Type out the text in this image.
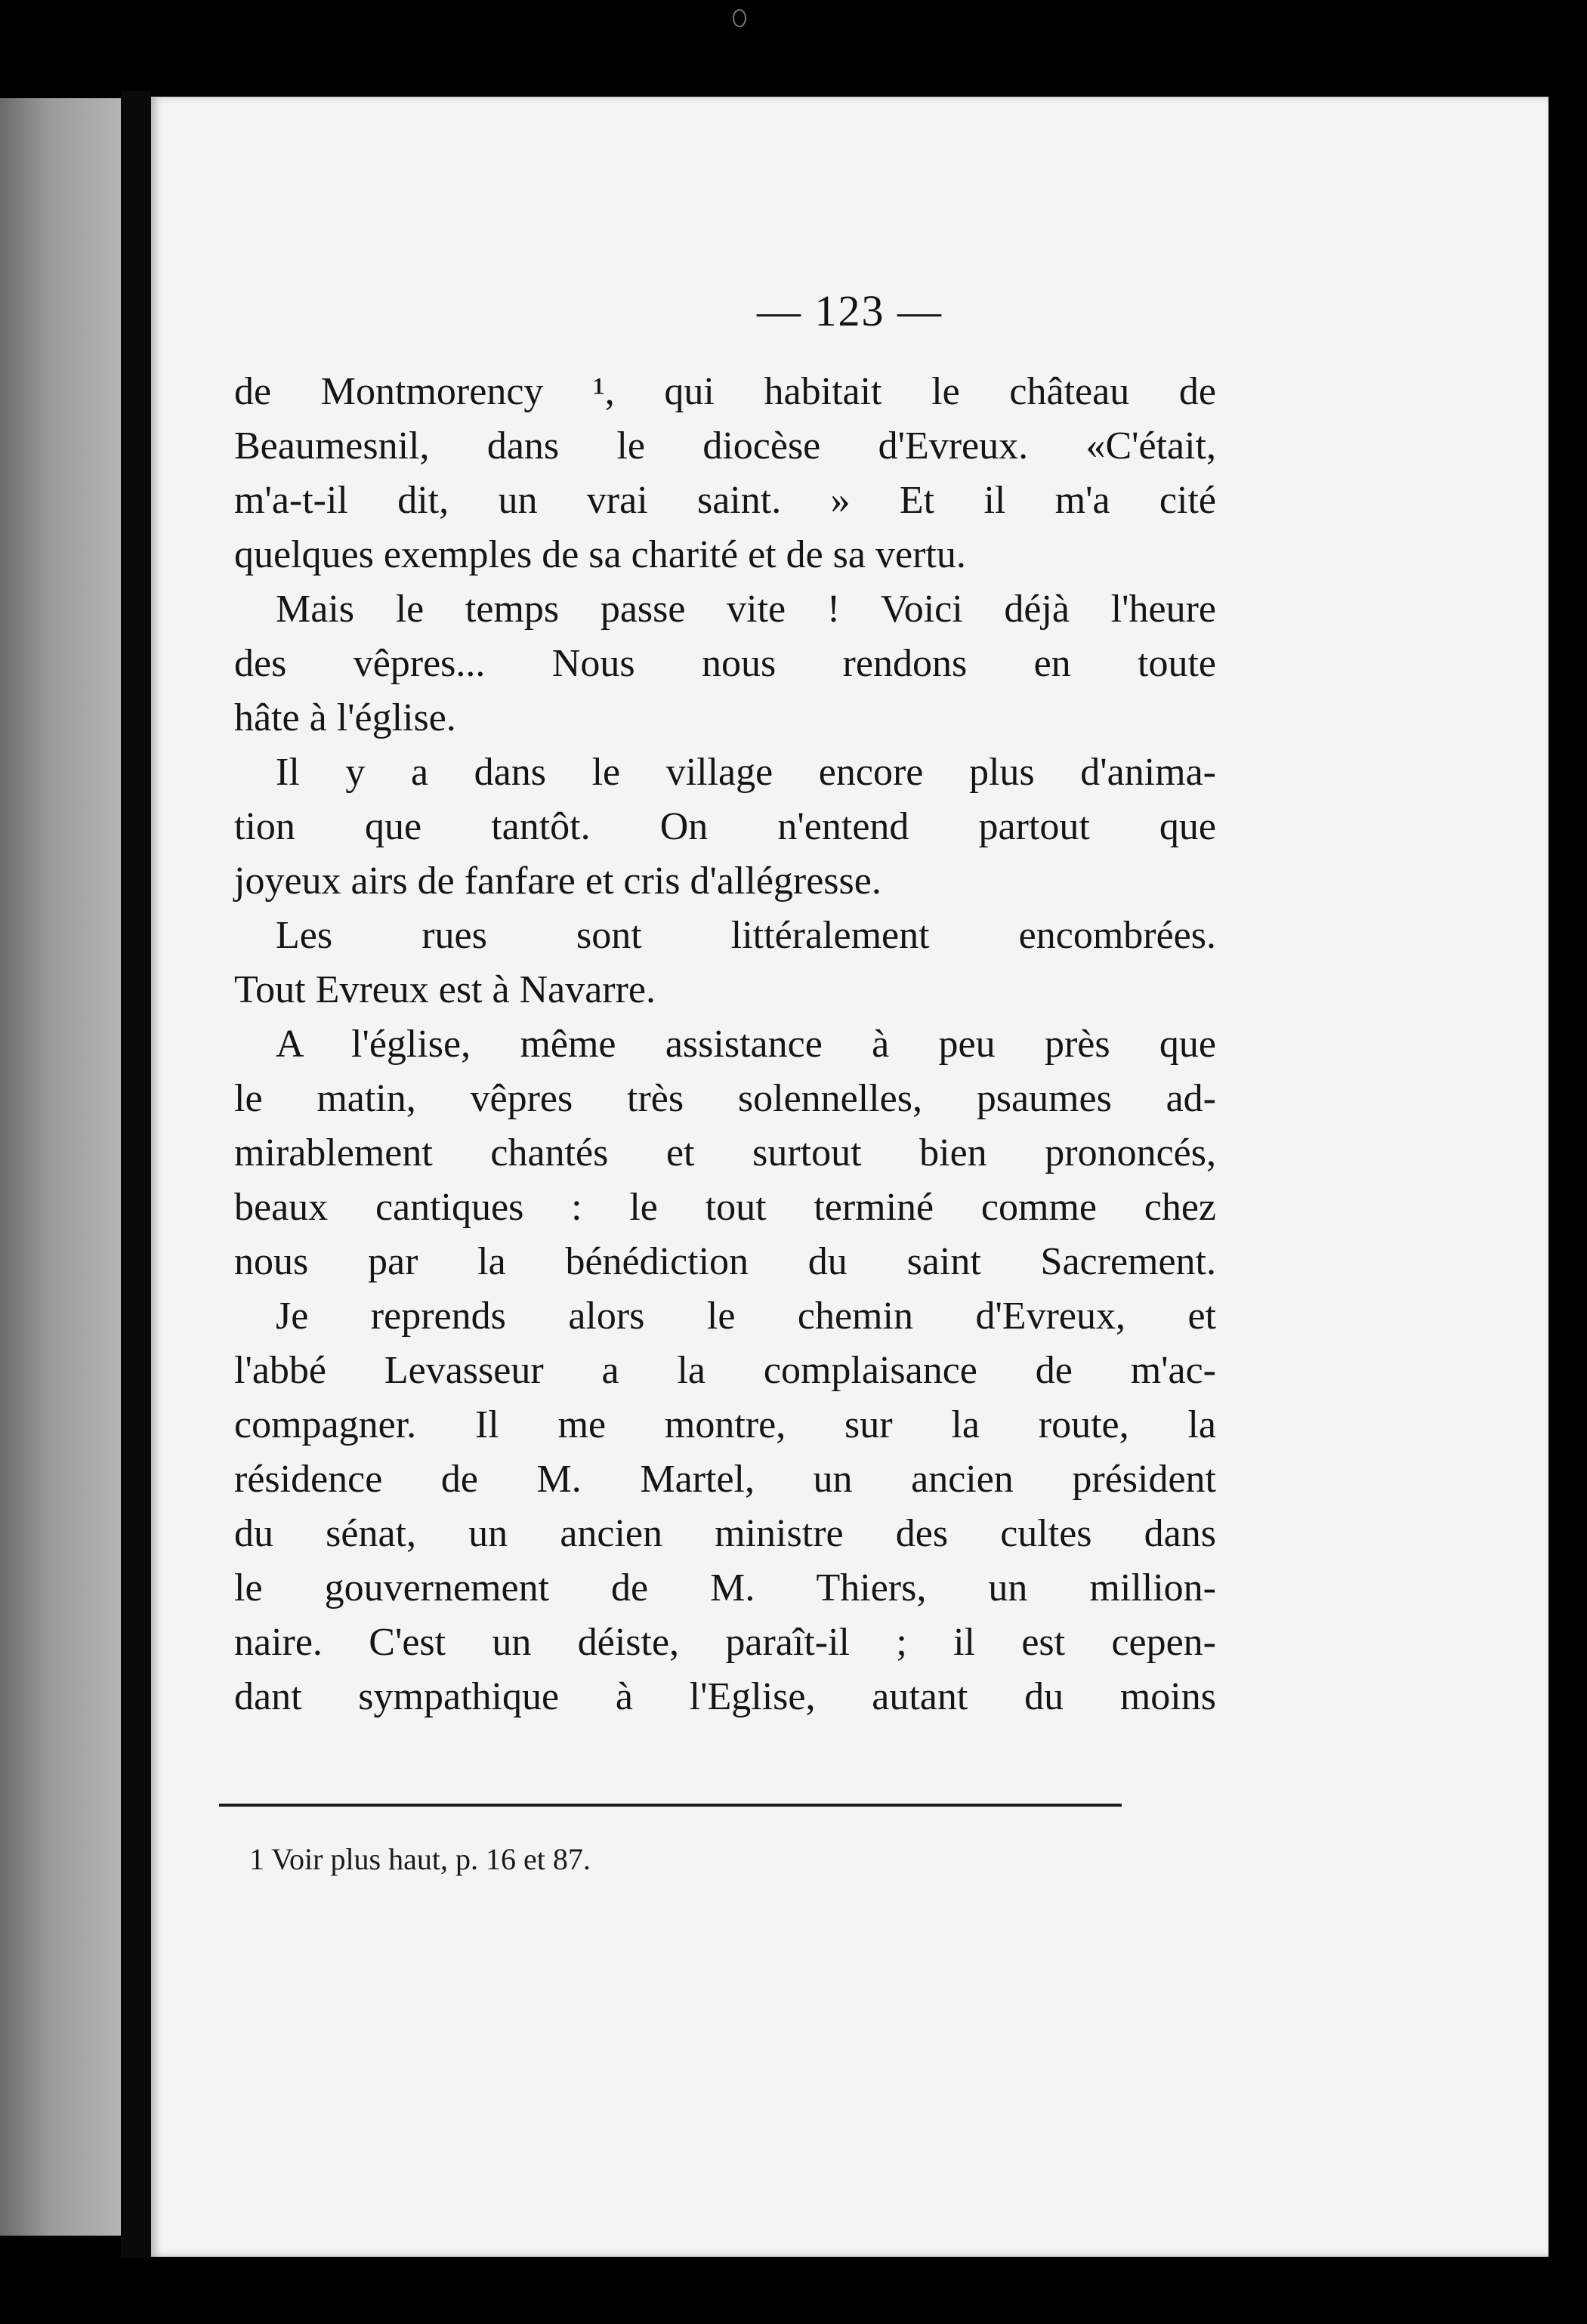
— 123 —
de Montmorency ¹, qui habitait le château de
Beaumesnil, dans le diocèse d'Evreux. «C'était,
m'a-t-il dit, un vrai saint. » Et il m'a cité
quelques exemples de sa charité et de sa vertu.
Mais le temps passe vite ! Voici déjà l'heure
des vêpres... Nous nous rendons en toute
hâte à l'église.
Il y a dans le village encore plus d'anima-
tion que tantôt. On n'entend partout que
joyeux airs de fanfare et cris d'allégresse.
Les rues sont littéralement encombrées.
Tout Evreux est à Navarre.
A l'église, même assistance à peu près que
le matin, vêpres très solennelles, psaumes ad-
mirablement chantés et surtout bien prononcés,
beaux cantiques : le tout terminé comme chez
nous par la bénédiction du saint Sacrement.
Je reprends alors le chemin d'Evreux, et
l'abbé Levasseur a la complaisance de m'ac-
compagner. Il me montre, sur la route, la
résidence de M. Martel, un ancien président
du sénat, un ancien ministre des cultes dans
le gouvernement de M. Thiers, un million-
naire. C'est un déiste, paraît-il ; il est cepen-
dant sympathique à l'Eglise, autant du moins
1 Voir plus haut, p. 16 et 87.
